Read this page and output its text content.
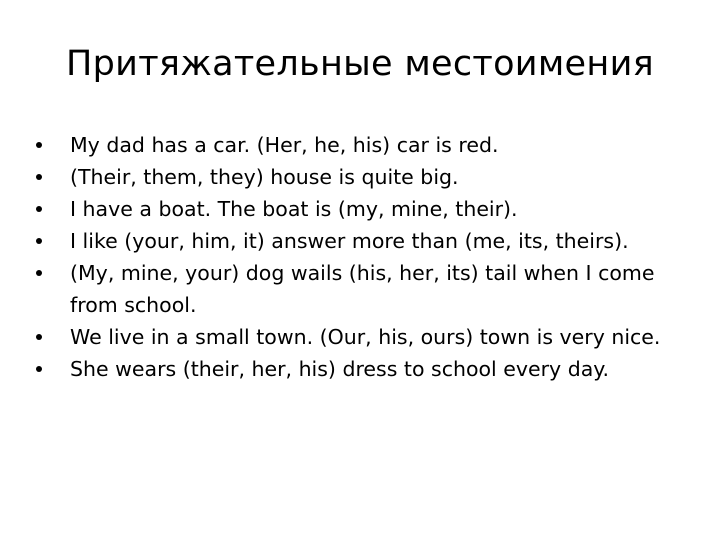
Притяжательные местоимения
My dad has a car. (Her, he, his) car is red.
(Their, them, they) house is quite big.
I have a boat. The boat is (my, mine, their).
I like (your, him, it) answer more than (me, its, theirs).
(My, mine, your) dog wails (his, her, its) tail when I come from school.
We live in a small town. (Our, his, ours) town is very nice.
She wears (their, her, his) dress to school every day.
